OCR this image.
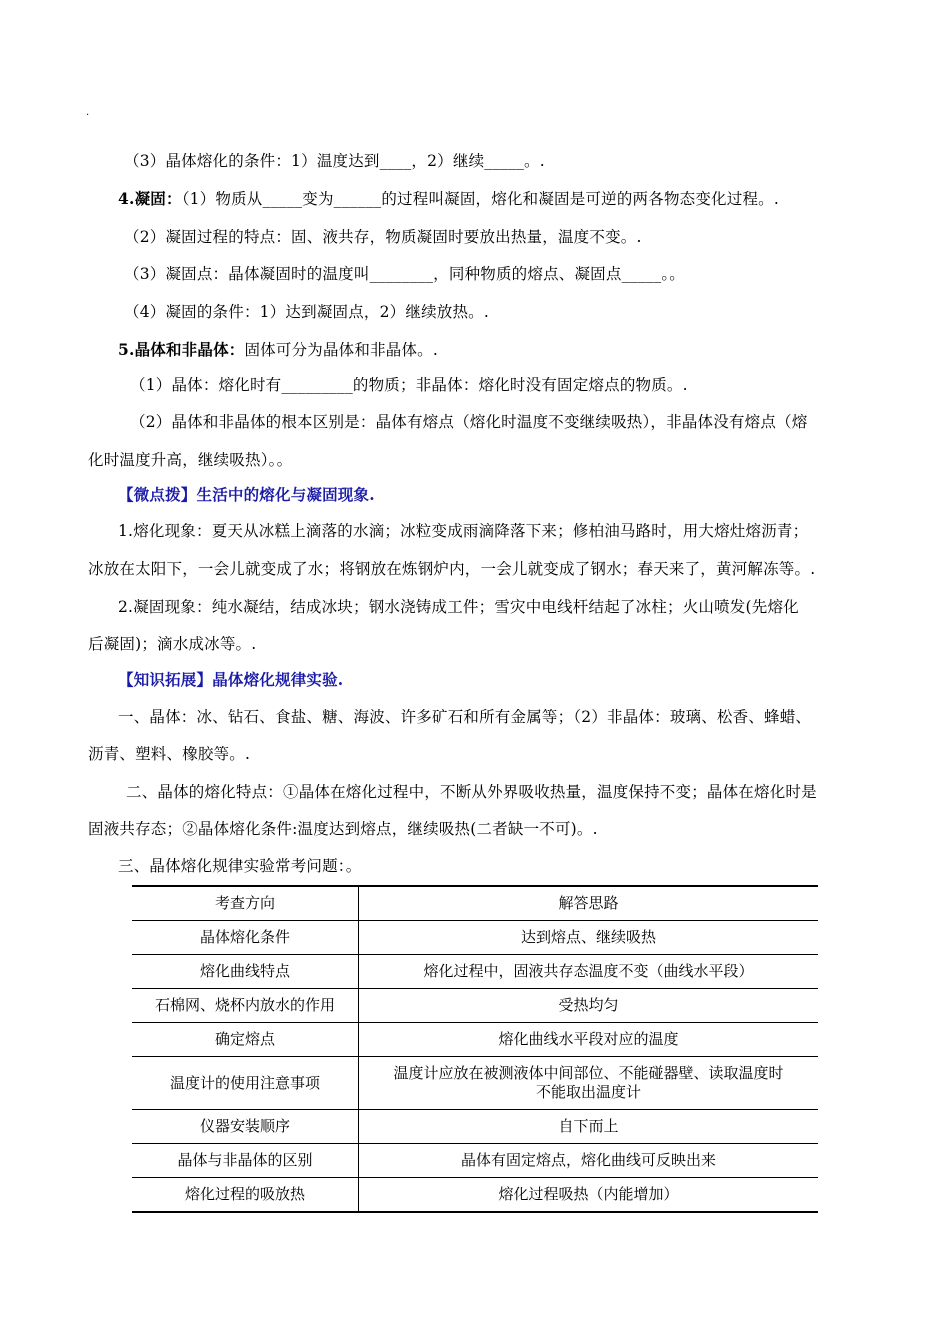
.
（3）晶体熔化的条件：1）温度达到____，2）继续_____。.
4.凝固：（1）物质从_____变为______的过程叫凝固，熔化和凝固是可逆的两各物态变化过程。.
（2）凝固过程的特点：固、液共存，物质凝固时要放出热量，温度不变。.
（3）凝固点：晶体凝固时的温度叫________，同种物质的熔点、凝固点_____。。
（4）凝固的条件：1）达到凝固点，2）继续放热。.
5.晶体和非晶体：固体可分为晶体和非晶体。.
（1）晶体：熔化时有_________的物质；非晶体：熔化时没有固定熔点的物质。.
（2）晶体和非晶体的根本区别是：晶体有熔点（熔化时温度不变继续吸热），非晶体没有熔点（熔
化时温度升高，继续吸热）。。
【微点拨】生活中的熔化与凝固现象.
1.熔化现象：夏天从冰糕上滴落的水滴；冰粒变成雨滴降落下来；修柏油马路时，用大熔灶熔沥青；
冰放在太阳下，一会儿就变成了水；将钢放在炼钢炉内，一会儿就变成了钢水；春天来了，黄河解冻等。.
2.凝固现象：纯水凝结，结成冰块；钢水浇铸成工件；雪灾中电线杆结起了冰柱；火山喷发(先熔化
后凝固)；滴水成冰等。.
【知识拓展】晶体熔化规律实验.
一、晶体：冰、钻石、食盐、糖、海波、许多矿石和所有金属等；（2）非晶体：玻璃、松香、蜂蜡、
沥青、塑料、橡胶等。.
二、晶体的熔化特点：①晶体在熔化过程中，不断从外界吸收热量，温度保持不变；晶体在熔化时是
固液共存态；②晶体熔化条件:温度达到熔点，继续吸热(二者缺一不可)。.
三、晶体熔化规律实验常考问题：。
考查方向	解答思路
晶体熔化条件	达到熔点、继续吸热
熔化曲线特点	熔化过程中，固液共存态温度不变（曲线水平段）
石棉网、烧杯内放水的作用	受热均匀
确定熔点	熔化曲线水平段对应的温度
温度计的使用注意事项	温度计应放在被测液体中间部位、不能碰器壁、读取温度时
不能取出温度计

仪器安装顺序	自下而上
晶体与非晶体的区别	晶体有固定熔点，熔化曲线可反映出来
熔化过程的吸放热	熔化过程吸热（内能增加）
